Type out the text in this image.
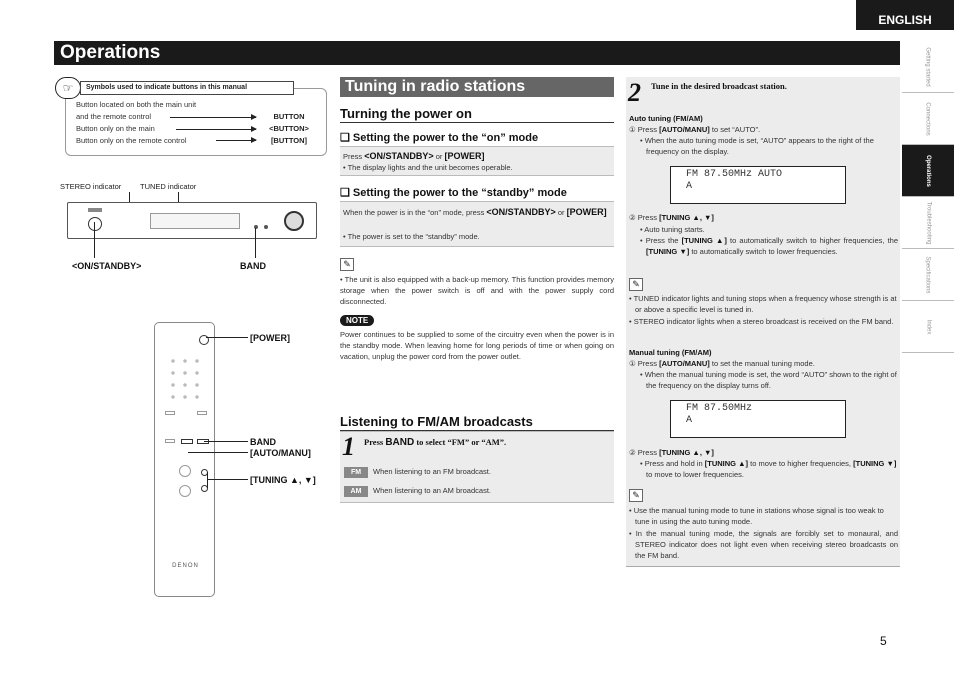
ENGLISH
Operations	Getting started
Connections
Operations
Troubleshooting
Specifications
Index
☞	Symbols used to indicate buttons in this manual
Button located on both the main unit
and the remote control	BUTTON
Button only on the main	<BUTTON>
Button only on the remote control	[BUTTON]
STEREO indicator TUNED indicator
<ON/STANDBY>	BAND
DENON
[POWER]
BAND
[AUTO/MANU]
[TUNING ▲, ▼]
Tuning in radio stations
Turning the power on
❑ Setting the power to the “on” mode
Press <ON/STANDBY> or [POWER]
• The display lights and the unit becomes operable.
❑ Setting the power to the “standby” mode
When the power is in the “on” mode, press <ON/STANDBY> or [POWER]
• The power is set to the “standby” mode.
✎
• The unit is also equipped with a back-up memory. This function provides memory storage when the power switch is off and with the power supply cord disconnected.
NOTE
Power continues to be supplied to some of the circuitry even when the power is in the standby mode. When leaving home for long periods of time or when going on vacation, unplug the power cord from the power outlet.
Listening to FM/AM broadcasts
1 Press BAND to select “FM” or “AM”.
FM	When listening to an FM broadcast.
AM	When listening to an AM broadcast.
2 Tune in the desired broadcast station.
Auto tuning (FM/AM)
① Press [AUTO/MANU] to set “AUTO”.
• When the auto tuning mode is set, “AUTO” appears to the right of the frequency on the display.
FM 87.50MHz AUTO
A
② Press [TUNING ▲, ▼]
• Auto tuning starts.
• Press the [TUNING ▲] to automatically switch to higher frequencies, the [TUNING ▼] to automatically switch to lower frequencies.
✎
• TUNED indicator lights and tuning stops when a frequency whose strength is at or above a specific level is tuned in.
• STEREO indicator lights when a stereo broadcast is received on the FM band.
Manual tuning (FM/AM)
① Press [AUTO/MANU] to set the manual tuning mode.
• When the manual tuning mode is set, the word “AUTO” shown to the right of the frequency on the display turns off.
FM 87.50MHz
A
② Press [TUNING ▲, ▼]
• Press and hold in [TUNING ▲] to move to higher frequencies, [TUNING ▼] to move to lower frequencies.
✎
• Use the manual tuning mode to tune in stations whose signal is too weak to tune in using the auto tuning mode.
• In the manual tuning mode, the signals are forcibly set to monaural, and STEREO indicator does not light even when receiving stereo broadcasts on the FM band.
5
